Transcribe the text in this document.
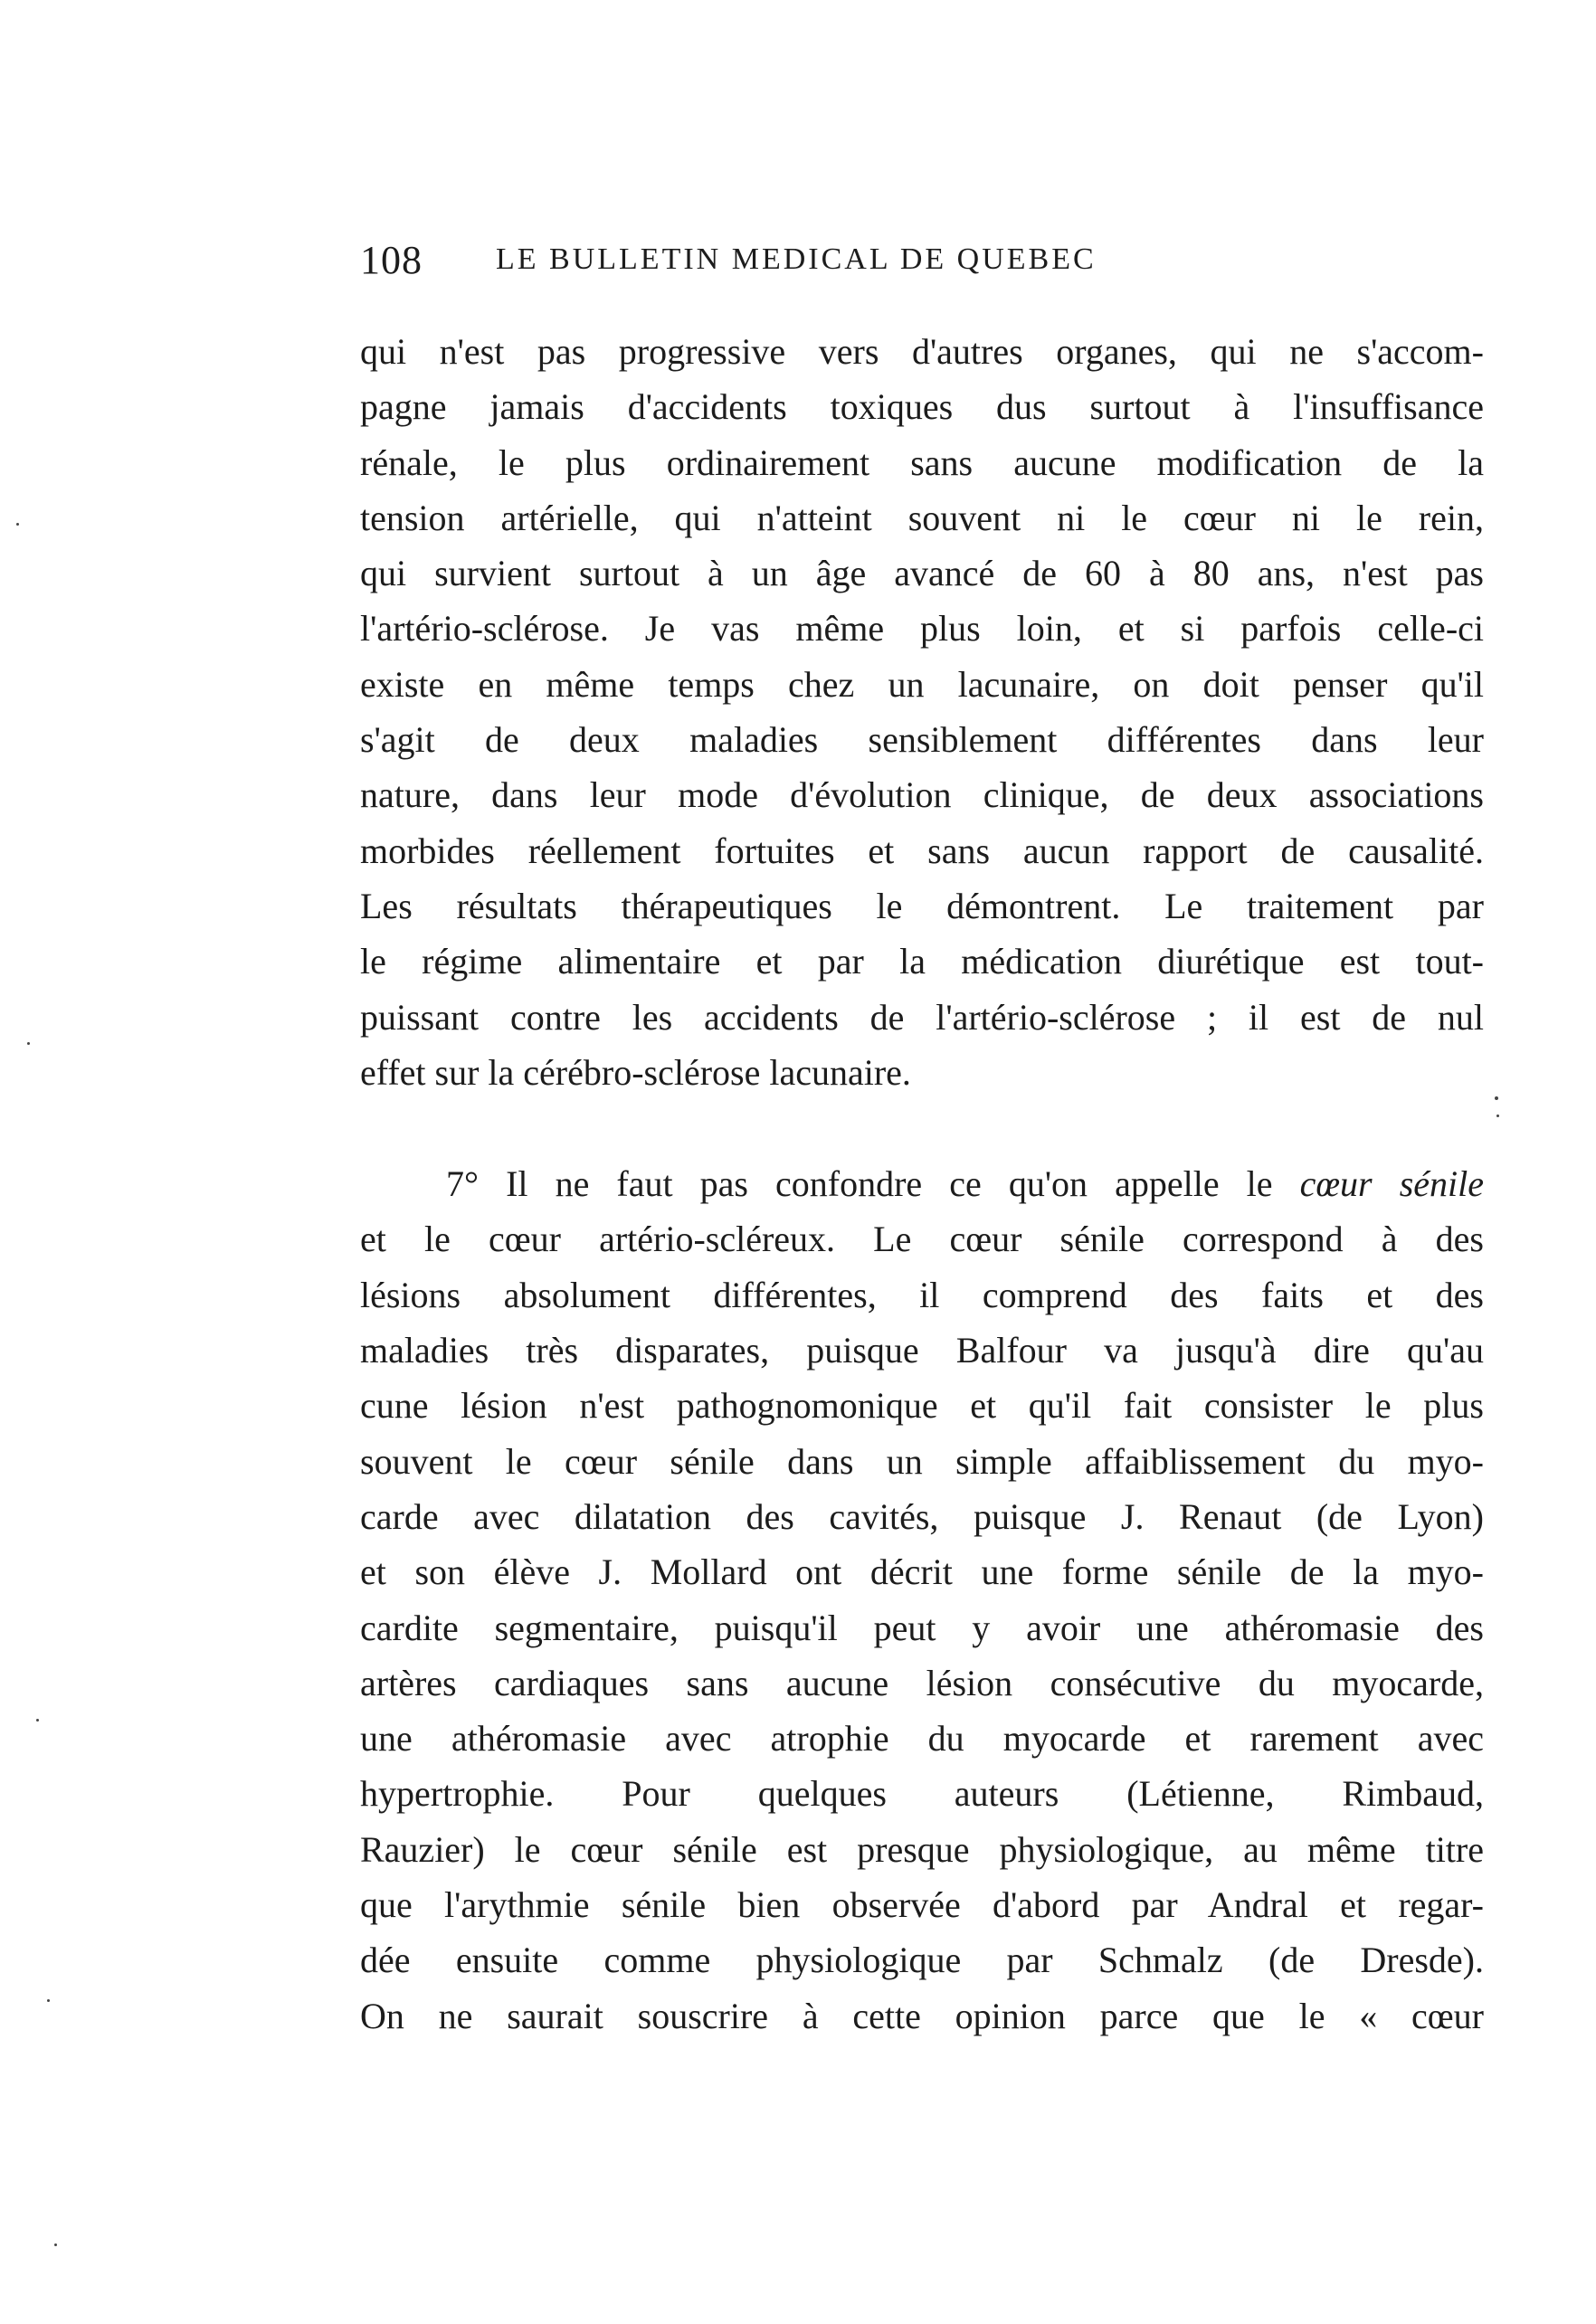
108 LE BULLETIN MEDICAL DE QUEBEC
qui n'est pas progressive vers d'autres organes, qui ne s'accom-
pagne jamais d'accidents toxiques dus surtout à l'insuffisance
rénale, le plus ordinairement sans aucune modification de la
tension artérielle, qui n'atteint souvent ni le cœur ni le rein,
qui survient surtout à un âge avancé de 60 à 80 ans, n'est pas
l'artério-sclérose. Je vas même plus loin, et si parfois celle-ci
existe en même temps chez un lacunaire, on doit penser qu'il
s'agit de deux maladies sensiblement différentes dans leur
nature, dans leur mode d'évolution clinique, de deux associations
morbides réellement fortuites et sans aucun rapport de causalité.
Les résultats thérapeutiques le démontrent. Le traitement par
le régime alimentaire et par la médication diurétique est tout-
puissant contre les accidents de l'artério-sclérose ; il est de nul
effet sur la cérébro-sclérose lacunaire.
7° Il ne faut pas confondre ce qu'on appelle le cœur sénile
et le cœur artério-scléreux. Le cœur sénile correspond à des
lésions absolument différentes, il comprend des faits et des
maladies très disparates, puisque Balfour va jusqu'à dire qu'au
cune lésion n'est pathognomonique et qu'il fait consister le plus
souvent le cœur sénile dans un simple affaiblissement du myo-
carde avec dilatation des cavités, puisque J. Renaut (de Lyon)
et son élève J. Mollard ont décrit une forme sénile de la myo-
cardite segmentaire, puisqu'il peut y avoir une athéromasie des
artères cardiaques sans aucune lésion consécutive du myocarde,
une athéromasie avec atrophie du myocarde et rarement avec
hypertrophie. Pour quelques auteurs (Létienne, Rimbaud,
Rauzier) le cœur sénile est presque physiologique, au même titre
que l'arythmie sénile bien observée d'abord par Andral et regar-
dée ensuite comme physiologique par Schmalz (de Dresde).
On ne saurait souscrire à cette opinion parce que le « cœur
